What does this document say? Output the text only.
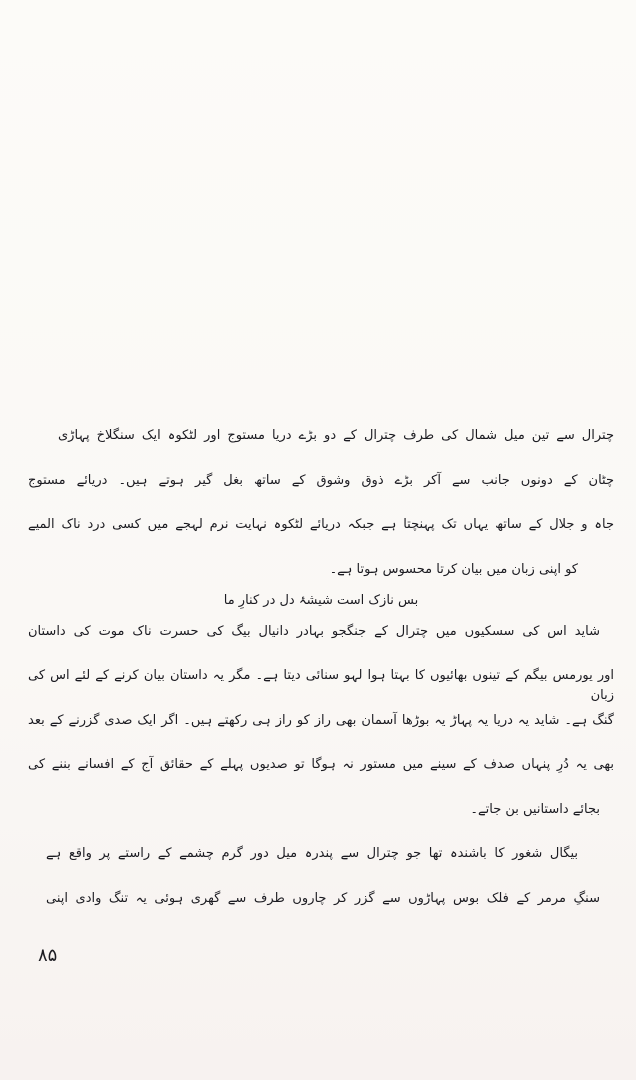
چترال سے تین میل شمال کی طرف چترال کے دو بڑے دریا مستوج اور لٹکوہ ایک سنگلاخ پہاڑی
چٹان کے دونوں جانب سے آکر بڑے ذوق وشوق کے ساتھ بغل گیر ہوتے ہیں۔ دریائے مستوج
جاہ و جلال کے ساتھ یہاں تک پہنچتا ہے جبکہ دریائے لٹکوہ نہایت نرم لہجے میں کسی درد ناک المیے
کو اپنی زبان میں بیان کرتا محسوس ہوتا ہے۔
بس نازک است شیشۂ دل در کنارِ ما
شاید اس کی سسکیوں میں چترال کے جنگجو بہادر دانیال بیگ کی حسرت ناک موت کی داستان
اور یورمس بیگم کے تینوں بھائیوں کا بہتا ہوا لہو سنائی دیتا ہے۔ مگر یہ داستان بیان کرنے کے لئے اس کی زبان
گنگ ہے۔ شاید یہ دریا یہ پہاڑ یہ بوڑھا آسمان بھی راز کو راز ہی رکھتے ہیں۔ اگر ایک صدی گزرنے کے بعد
بھی یہ دُرِ پنہاں صدف کے سینے میں مستور نہ ہوگا تو صدیوں پہلے کے حقائق آج کے افسانے بننے کی
بجائے داستانیں بن جاتے۔
بیگال شغور کا باشندہ تھا جو چترال سے پندرہ میل دور گرم چشمے کے راستے پر واقع ہے
سنگِ مرمر کے فلک بوس پہاڑوں سے گزر کر چاروں طرف سے گھری ہوئی یہ تنگ وادی اپنی
۸۵
